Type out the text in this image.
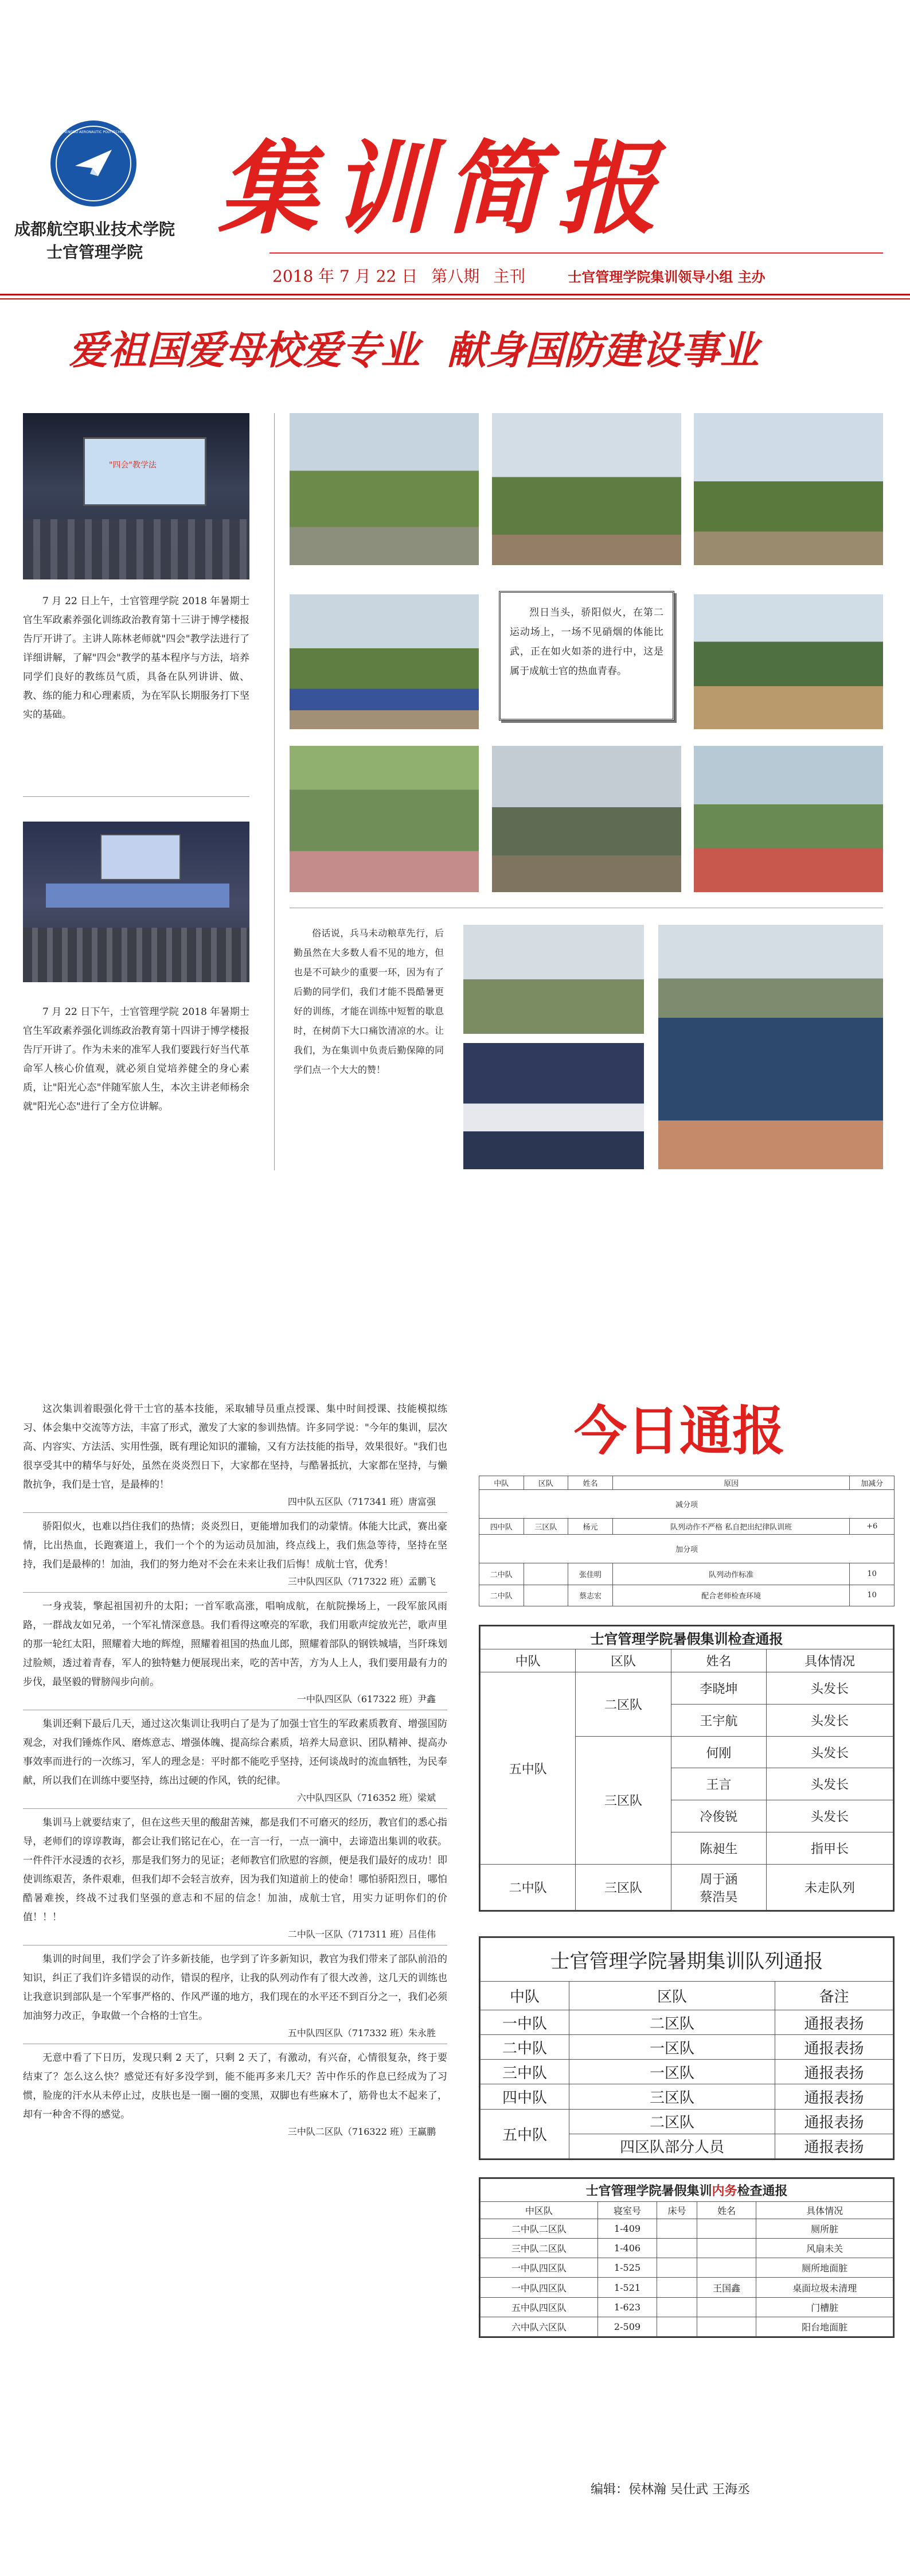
CHENGDU AERONAUTIC POLYTECHNIC
成都航空职业技术学院
士官管理学院
集训简报
2018 年 7 月 22 日 第八期 主刊	士官管理学院集训领导小组 主办
爱祖国爱母校爱专业  献身国防建设事业
"四会"教学法
7 月 22 日上午，士官管理学院 2018 年暑期士官生军政素养强化训练政治教育第十三讲于博学楼报告厅开讲了。主讲人陈林老师就"四会"教学法进行了详细讲解，了解"四会"教学的基本程序与方法，培养同学们良好的教练员气质，具备在队列讲讲、做、教、练的能力和心理素质，为在军队长期服务打下坚实的基础。
7 月 22 日下午，士官管理学院 2018 年暑期士官生军政素养强化训练政治教育第十四讲于博学楼报告厅开讲了。作为未来的准军人我们要践行好当代革命军人核心价值观，就必须自觉培养健全的身心素质，让"阳光心态"伴随军旅人生，本次主讲老师杨余就"阳光心态"进行了全方位讲解。
烈日当头，骄阳似火，在第二运动场上，一场不见硝烟的体能比武，正在如火如荼的进行中，这是属于成航士官的热血青春。
俗话说，兵马未动粮草先行，后勤虽然在大多数人看不见的地方，但也是不可缺少的重要一环，因为有了后勤的同学们，我们才能不畏酷暑更好的训练，才能在训练中短暂的歇息时，在树荫下大口痛饮清凉的水。让我们，为在集训中负责后勤保障的同学们点一个大大的赞！
这次集训着眼强化骨干士官的基本技能，采取辅导员重点授课、集中时间授课、技能模拟练习、体会集中交流等方法，丰富了形式，激发了大家的参训热情。许多同学说："今年的集训，层次高、内容实、方法活、实用性强，既有理论知识的灌输，又有方法技能的指导，效果很好。"我们也很享受其中的精华与好处，虽然在炎炎烈日下，大家都在坚持，与酷暑抵抗，大家都在坚持，与懒散抗争，我们是士官，是最棒的！
四中队五区队（717341 班）唐富强
骄阳似火，也难以挡住我们的热情；炎炎烈日，更能增加我们的动蒙情。体能大比武，赛出豪情，比出热血，长跑赛道上，我们一个个的为运动员加油，终点线上，我们焦急等待，坚持在坚持，我们是最棒的！加油，我们的努力绝对不会在未来让我们后悔！成航士官，优秀！
三中队四区队（717322 班）孟鹏飞
一身戎装，擎起祖国初升的太阳；一首军歌高涨，唱响成航，在航院操场上，一段军旅风雨路，一群战友如兄弟，一个军礼情深意恳。我们看得这嘹亮的军歌，我们用歌声绽放光芒，歌声里的那一轮红太阳，照耀着大地的辉煌，照耀着祖国的热血儿郎，照耀着部队的钢铁城墙，当阡珠划过脸颊，透过着青春，军人的独特魅力便展现出来，吃的苦中苦，方为人上人，我们要用最有力的步伐，最坚毅的臂膀闯步向前。
一中队四区队（617322 班）尹鑫
集训还剩下最后几天，通过这次集训让我明白了是为了加强士官生的军政素质教育、增强国防观念，对我们锤炼作风、磨炼意志、增强体魄、提高综合素质，培养大局意识、团队精神、提高办事效率而进行的一次练习，军人的理念是：平时都不能吃乎坚持，还何谈战时的流血牺牲，为民奉献，所以我们在训练中要坚持，练出过硬的作风，铁的纪律。
六中队四区队（716352 班）梁斌
集训马上就要结束了，但在这些天里的酸甜苦辣，都是我们不可磨灭的经历，教官们的悉心指导，老师们的谆谆教诲，都会让我们铭记在心，在一言一行，一点一滴中，去谛造出集训的收获。一件件汗水浸透的衣衫，那是我们努力的见证；老师教官们欣慰的容颜，便是我们最好的成功！即使训练艰苦，条件艰难，但我们却不会轻言放弃，因为我们知道前上的使命！哪怕骄阳烈日，哪怕酷暑难挨，终战不过我们坚强的意志和不屈的信念！加油，成航士官，用实力证明你们的价值！！！
二中队一区队（717311 班）吕佳伟
集训的时间里，我们学会了许多新技能，也学到了许多新知识，教官为我们带来了部队前沿的知识，纠正了我们许多错误的动作，错误的程序，让我的队列动作有了很大改善，这几天的训练也让我意识到部队是一个军事严格的、作风严谨的地方，我们现在的水平还不到百分之一，我们必须加油努力改正，争取做一个合格的士官生。
五中队四区队（717332 班）朱永胜
无意中看了下日历，发现只剩 2 天了，只剩 2 天了，有激动，有兴奋，心情很复杂，终于要结束了？怎么这么快？感觉还有好多没学到，能不能再多来几天？苦中作乐的作息已经成为了习惯，脸庞的汗水从未停止过，皮肤也是一圈一圈的变黑，双脚也有些麻木了，筋骨也太不起来了，却有一种舍不得的感觉。
三中队二区队（716322 班）王赢鹏
今日通报
中队	区队	姓名	原因	加减分
减分项				
四中队	三区队	杨元	队列动作不严格 私自把出纪律队训班	+6
加分项				
二中队		张佳明	队列动作标准	10
二中队		蔡志宏	配合老师检查环境	10
士官管理学院暑假集训检查通报			
中队	区队	姓名	具体情况
五中队	二区队	李晓坤	头发长
		王宇航	头发长
	三区队	何刚	头发长
		王言	头发长
		冷俊锐	头发长
		陈昶生	指甲长
二中队	三区队	周于涵
蔡浩昊	未走队列
士官管理学院暑期集训队列通报		
中队	区队	备注
一中队	二区队	通报表扬
二中队	一区队	通报表扬
三中队	一区队	通报表扬
四中队	三区队	通报表扬
五中队	二区队	通报表扬
	四区队部分人员	通报表扬
士官管理学院暑假集训内务检查通报				
中区队	寝室号	床号	姓名	具体情况
二中队二区队	1-409			厕所脏
三中队二区队	1-406			风扇未关
一中队四区队	1-525			厕所地面脏
一中队四区队	1-521		王国鑫	桌面垃圾未清理
五中队四区队	1-623			门槽脏
六中队六区队	2-509			阳台地面脏
编辑：侯林瀚 吴仕武 王海丞
